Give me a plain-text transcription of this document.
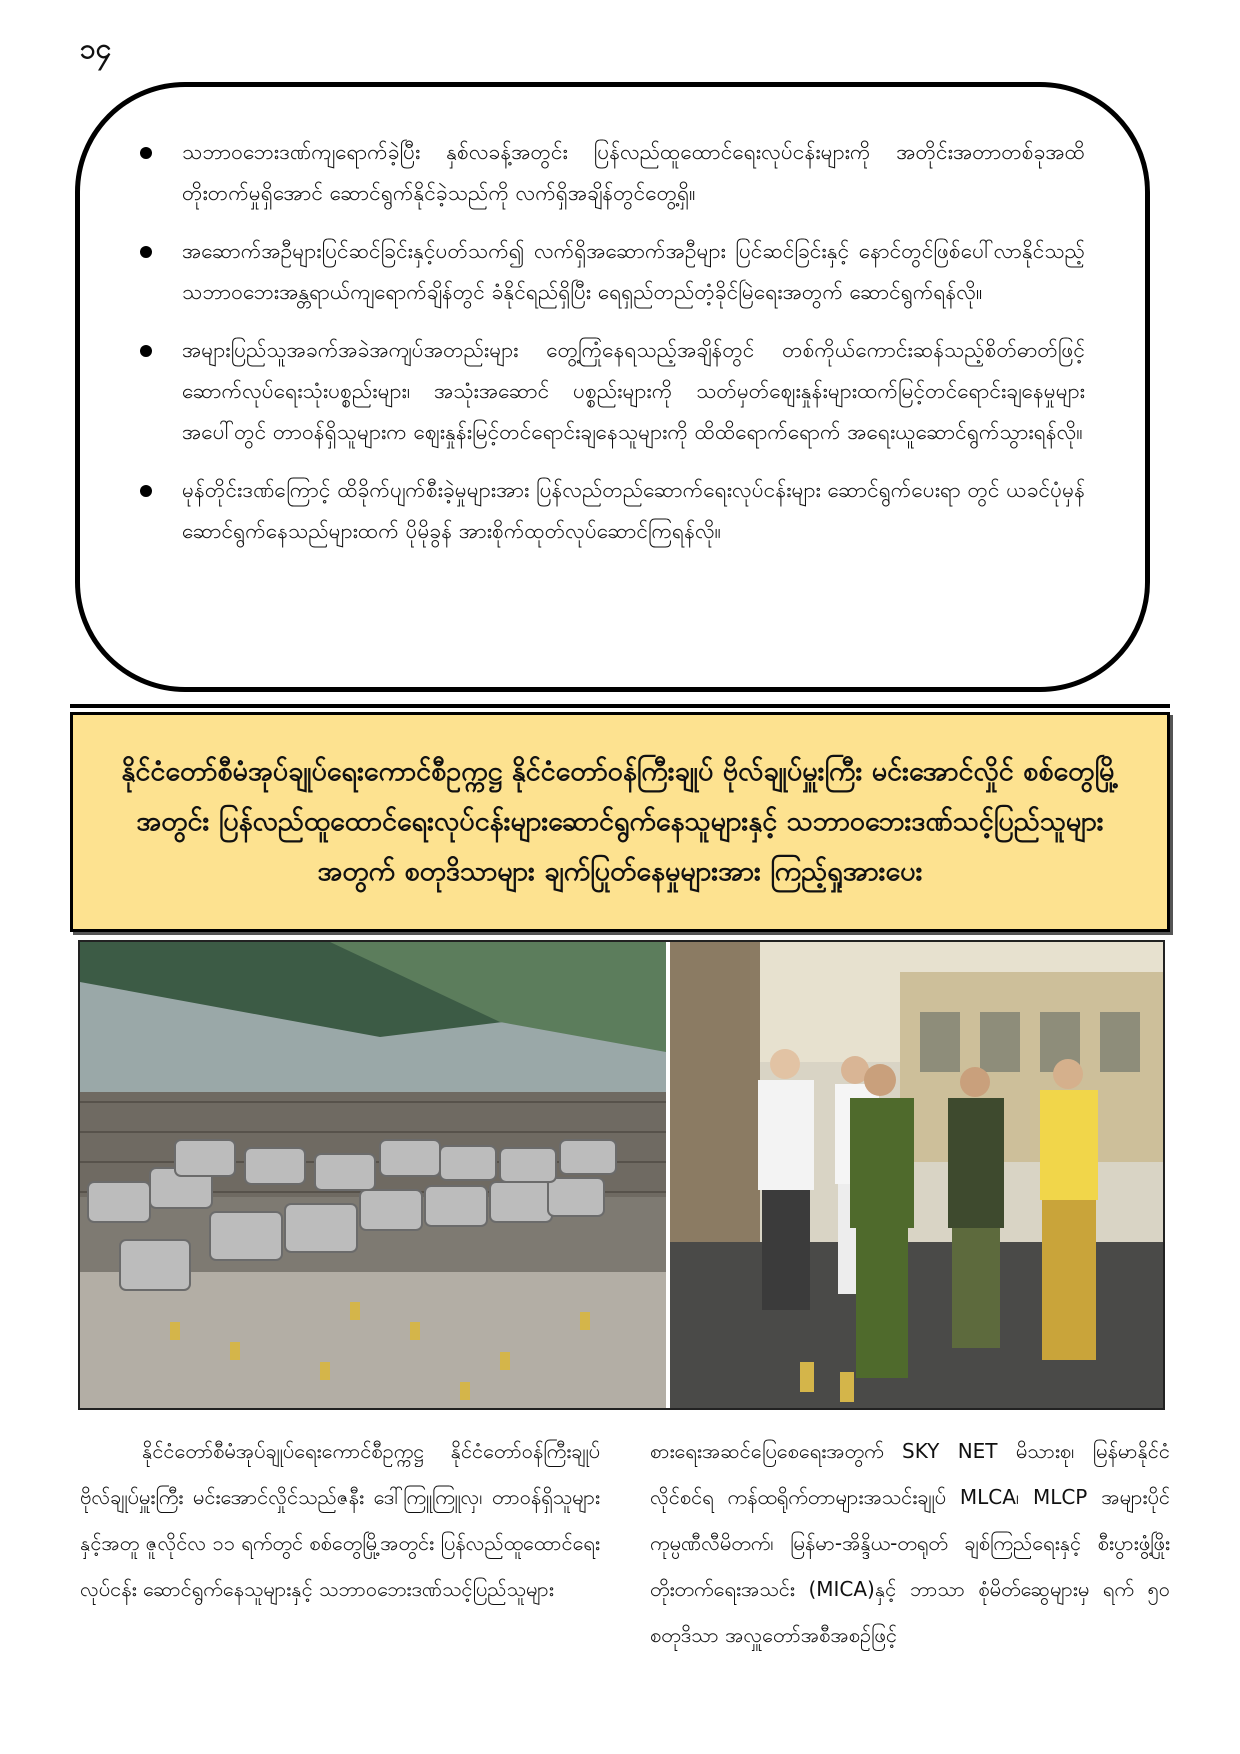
၁၄
သဘာဝဘေးဒဏ်ကျရောက်ခဲ့ပြီး နှစ်လခန့်အတွင်း ပြန်လည်ထူထောင်ရေးလုပ်ငန်းများကို အတိုင်းအတာတစ်ခုအထိ တိုးတက်မှုရှိအောင် ဆောင်ရွက်နိုင်ခဲ့သည်ကို လက်ရှိအချိန်တွင်တွေ့ရှိ။
အဆောက်အဦများပြင်ဆင်ခြင်းနှင့်ပတ်သက်၍ လက်ရှိအဆောက်အဦများ ပြင်ဆင်ခြင်းနှင့် နောင်တွင်ဖြစ်ပေါ်လာနိုင်သည့် သဘာဝဘေးအန္တရာယ်ကျရောက်ချိန်တွင် ခံနိုင်ရည်ရှိပြီး ရေရှည်တည်တံ့ခိုင်မြဲရေးအတွက် ဆောင်ရွက်ရန်လို။
အများပြည်သူအခက်အခဲအကျပ်အတည်းများ တွေ့ကြုံနေရသည့်အချိန်တွင် တစ်ကိုယ်ကောင်းဆန်သည့်စိတ်ဓာတ်ဖြင့် ဆောက်လုပ်ရေးသုံးပစ္စည်းများ၊ အသုံးအဆောင် ပစ္စည်းများကို သတ်မှတ်ဈေးနှုန်းများထက်မြင့်တင်ရောင်းချနေမှုများအပေါ်တွင် တာဝန်ရှိသူများက ဈေးနှုန်းမြင့်တင်ရောင်းချနေသူများကို ထိထိရောက်ရောက် အရေးယူဆောင်ရွက်သွားရန်လို။
မုန်တိုင်းဒဏ်ကြောင့် ထိခိုက်ပျက်စီးခဲ့မှုများအား ပြန်လည်တည်ဆောက်ရေးလုပ်ငန်းများ ဆောင်ရွက်ပေးရာ တွင် ယခင်ပုံမှန်ဆောင်ရွက်နေသည်များထက် ပိုမိုခွန် အားစိုက်ထုတ်လုပ်ဆောင်ကြရန်လို။

နိုင်ငံတော်စီမံအုပ်ချုပ်ရေးကောင်စီဥက္ကဋ္ဌ နိုင်ငံတော်ဝန်ကြီးချုပ် ဗိုလ်ချုပ်မှူးကြီး မင်းအောင်လှိုင် စစ်တွေမြို့အတွင်း ပြန်လည်ထူထောင်ရေးလုပ်ငန်းများဆောင်ရွက်နေသူများနှင့် သဘာဝဘေးဒဏ်သင့်ပြည်သူများအတွက် စတုဒိသာများ ချက်ပြုတ်နေမှုများအား ကြည့်ရှုအားပေး

နိုင်ငံတော်စီမံအုပ်ချုပ်ရေးကောင်စီဥက္ကဋ္ဌ နိုင်ငံတော်ဝန်ကြီးချုပ် ဗိုလ်ချုပ်မှူးကြီး မင်းအောင်လှိုင်သည်ဇနီး ဒေါ်ကြူကြူလှ၊ တာဝန်ရှိသူများနှင့်အတူ ဇူလိုင်လ ၁၁ ရက်တွင် စစ်တွေမြို့အတွင်း ပြန်လည်ထူထောင်ရေးလုပ်ငန်း ဆောင်ရွက်နေသူများနှင့် သဘာဝဘေးဒဏ်သင့်ပြည်သူများ

စားရေးအဆင်ပြေစေရေးအတွက် SKY NET မိသားစု၊ မြန်မာနိုင်ငံလိုင်စင်ရ ကန်ထရိုက်တာများအသင်းချုပ် MLCA၊ MLCP အများပိုင်ကုမ္ပဏီလီမိတက်၊ မြန်မာ-အိန္ဒိယ-တရုတ် ချစ်ကြည်ရေးနှင့် စီးပွားဖွံ့ဖြိုးတိုးတက်ရေးအသင်း (MICA)နှင့် ဘာသာ စုံမိတ်ဆွေများမှ ရက် ၅၀ စတုဒိသာ အလှူတော်အစီအစဉ်ဖြင့်
